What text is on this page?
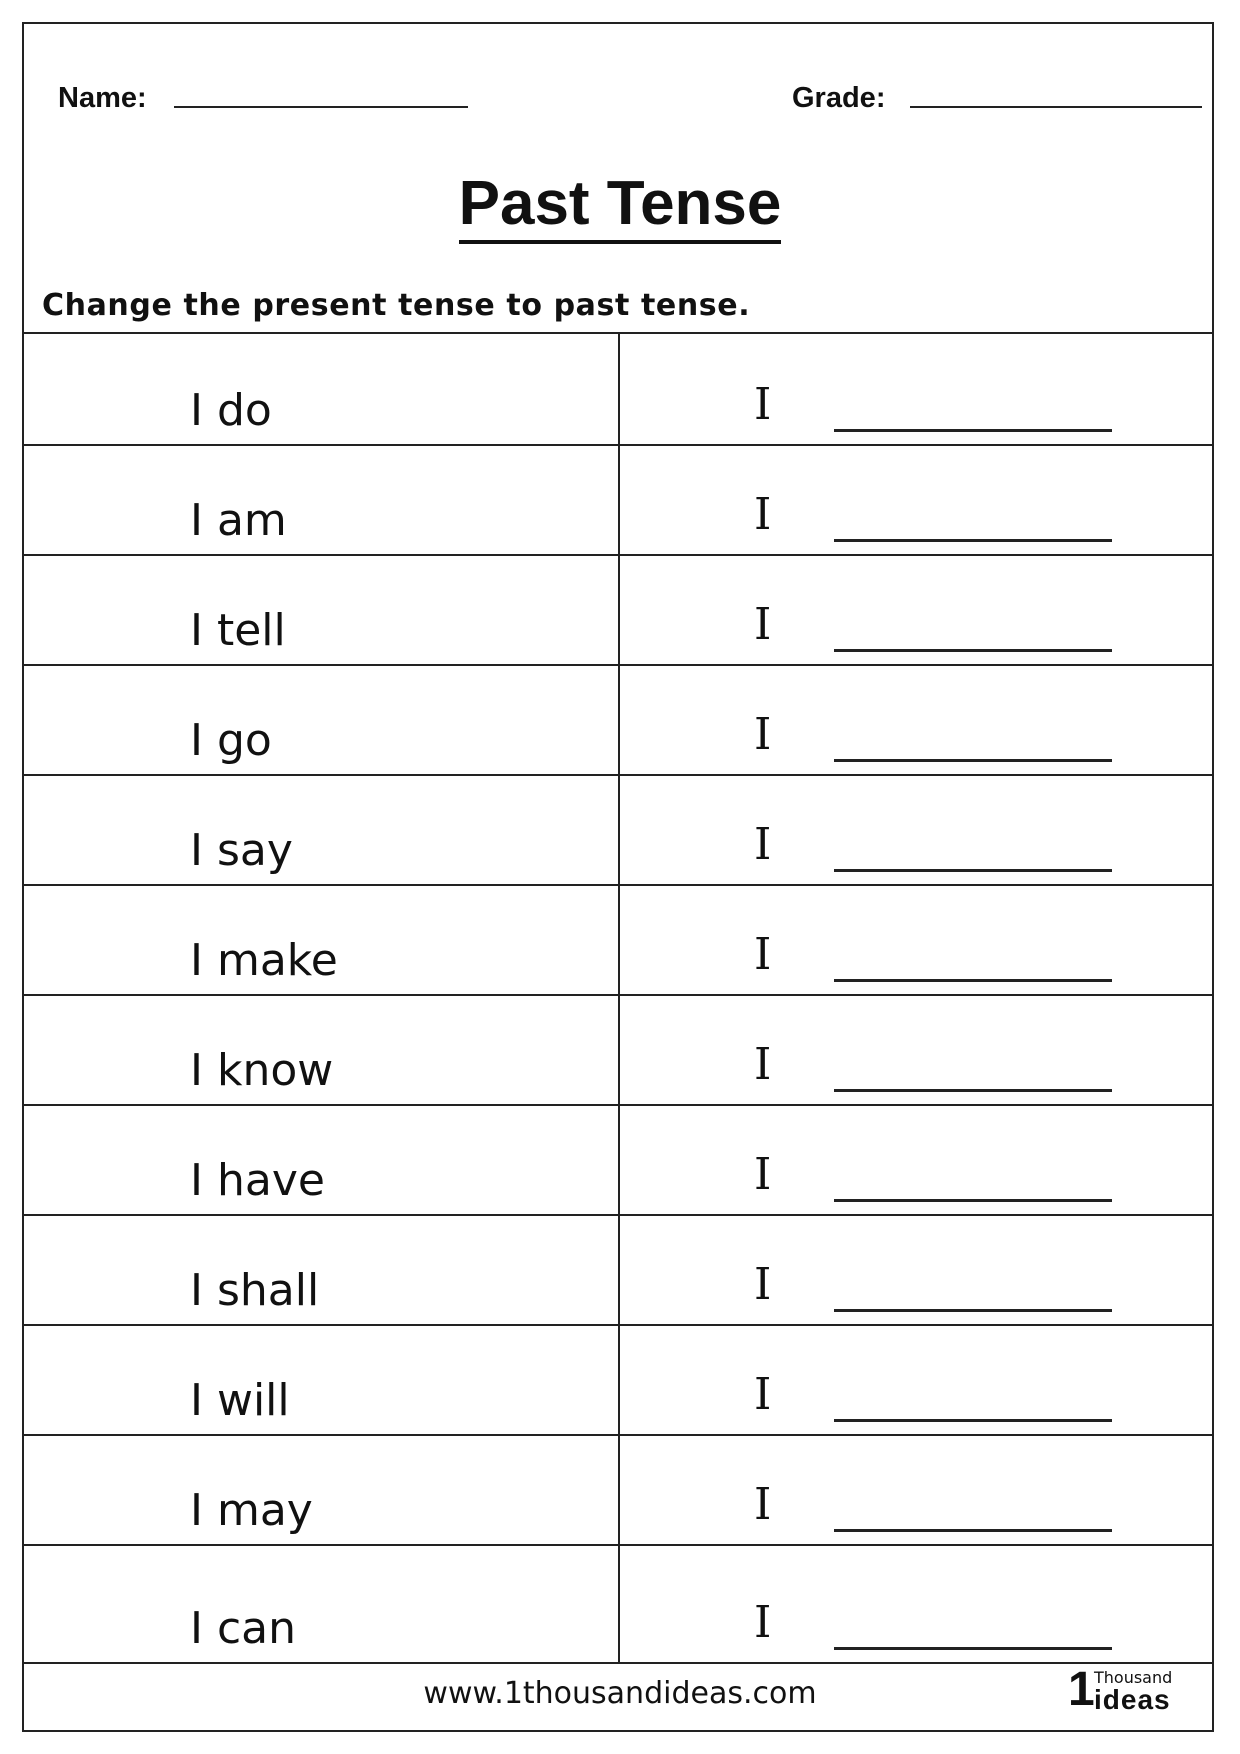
Name:	Grade:
Past Tense
Change the present tense to past tense.
I do	I
I am	I
I tell	I
I go	I
I say	I
I make	I
I know	I
I have	I
I shall	I
I will	I
I may	I
I can	I
www.1thousandideas.com	1 Thousand
ideas
